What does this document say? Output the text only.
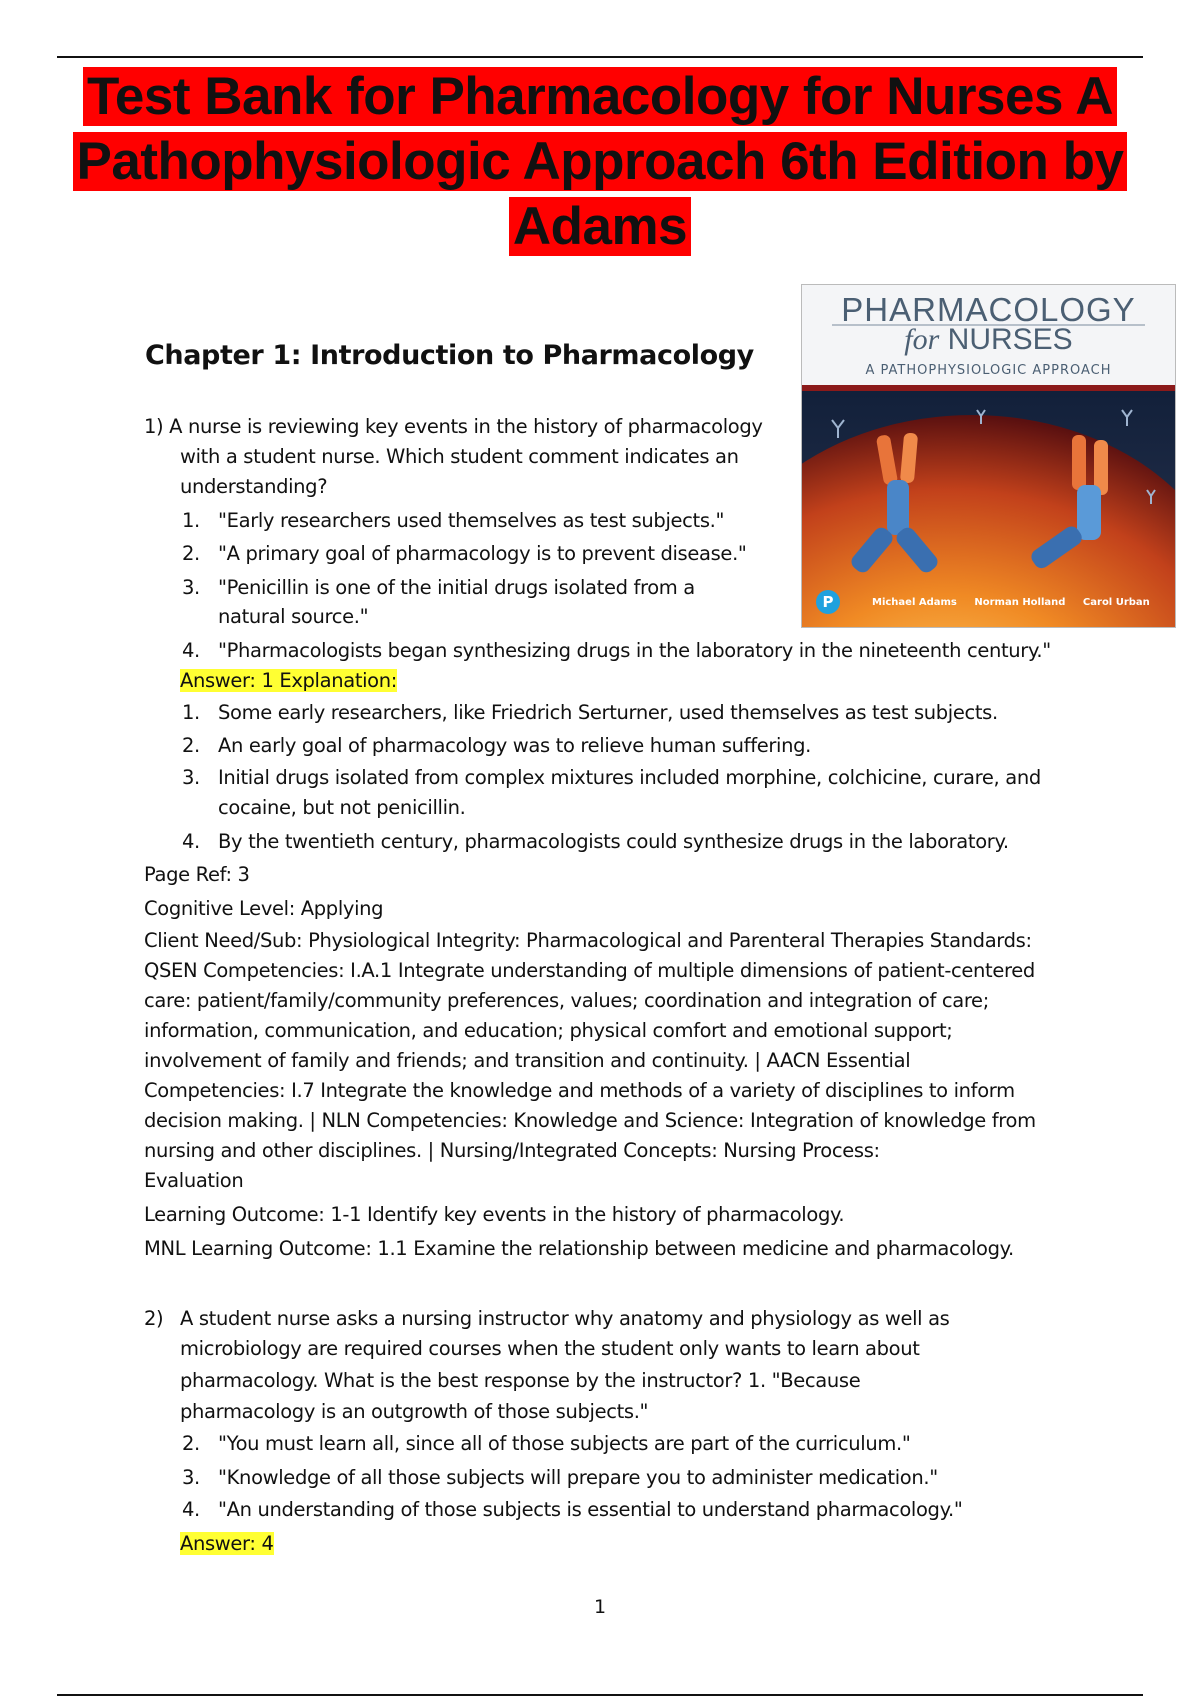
Test Bank for Pharmacology for Nurses A
Pathophysiologic Approach 6th Edition by
Adams
PHARMACOLOGY
for NURSES
A PATHOPHYSIOLOGIC APPROACH
P	Michael Adams Norman Holland Carol Urban
Chapter 1: Introduction to Pharmacology
1) A nurse is reviewing key events in the history of pharmacology
with a student nurse. Which student comment indicates an
understanding?
1. "Early researchers used themselves as test subjects."
2. "A primary goal of pharmacology is to prevent disease."
3. "Penicillin is one of the initial drugs isolated from a
natural source."
4. "Pharmacologists began synthesizing drugs in the laboratory in the nineteenth century."
Answer: 1 Explanation:
1. Some early researchers, like Friedrich Serturner, used themselves as test subjects.
2. An early goal of pharmacology was to relieve human suffering.
3. Initial drugs isolated from complex mixtures included morphine, colchicine, curare, and
cocaine, but not penicillin.
4. By the twentieth century, pharmacologists could synthesize drugs in the laboratory.
Page Ref: 3
Cognitive Level: Applying
Client Need/Sub: Physiological Integrity: Pharmacological and Parenteral Therapies Standards:
QSEN Competencies: I.A.1 Integrate understanding of multiple dimensions of patient-centered
care: patient/family/community preferences, values; coordination and integration of care;
information, communication, and education; physical comfort and emotional support;
involvement of family and friends; and transition and continuity. | AACN Essential
Competencies: I.7 Integrate the knowledge and methods of a variety of disciplines to inform
decision making. | NLN Competencies: Knowledge and Science: Integration of knowledge from
nursing and other disciplines. | Nursing/Integrated Concepts: Nursing Process:
Evaluation
Learning Outcome: 1-1 Identify key events in the history of pharmacology.
MNL Learning Outcome: 1.1 Examine the relationship between medicine and pharmacology.
2) A student nurse asks a nursing instructor why anatomy and physiology as well as
microbiology are required courses when the student only wants to learn about
pharmacology. What is the best response by the instructor? 1. "Because
pharmacology is an outgrowth of those subjects."
2. "You must learn all, since all of those subjects are part of the curriculum."
3. "Knowledge of all those subjects will prepare you to administer medication."
4. "An understanding of those subjects is essential to understand pharmacology."
Answer: 4
1
